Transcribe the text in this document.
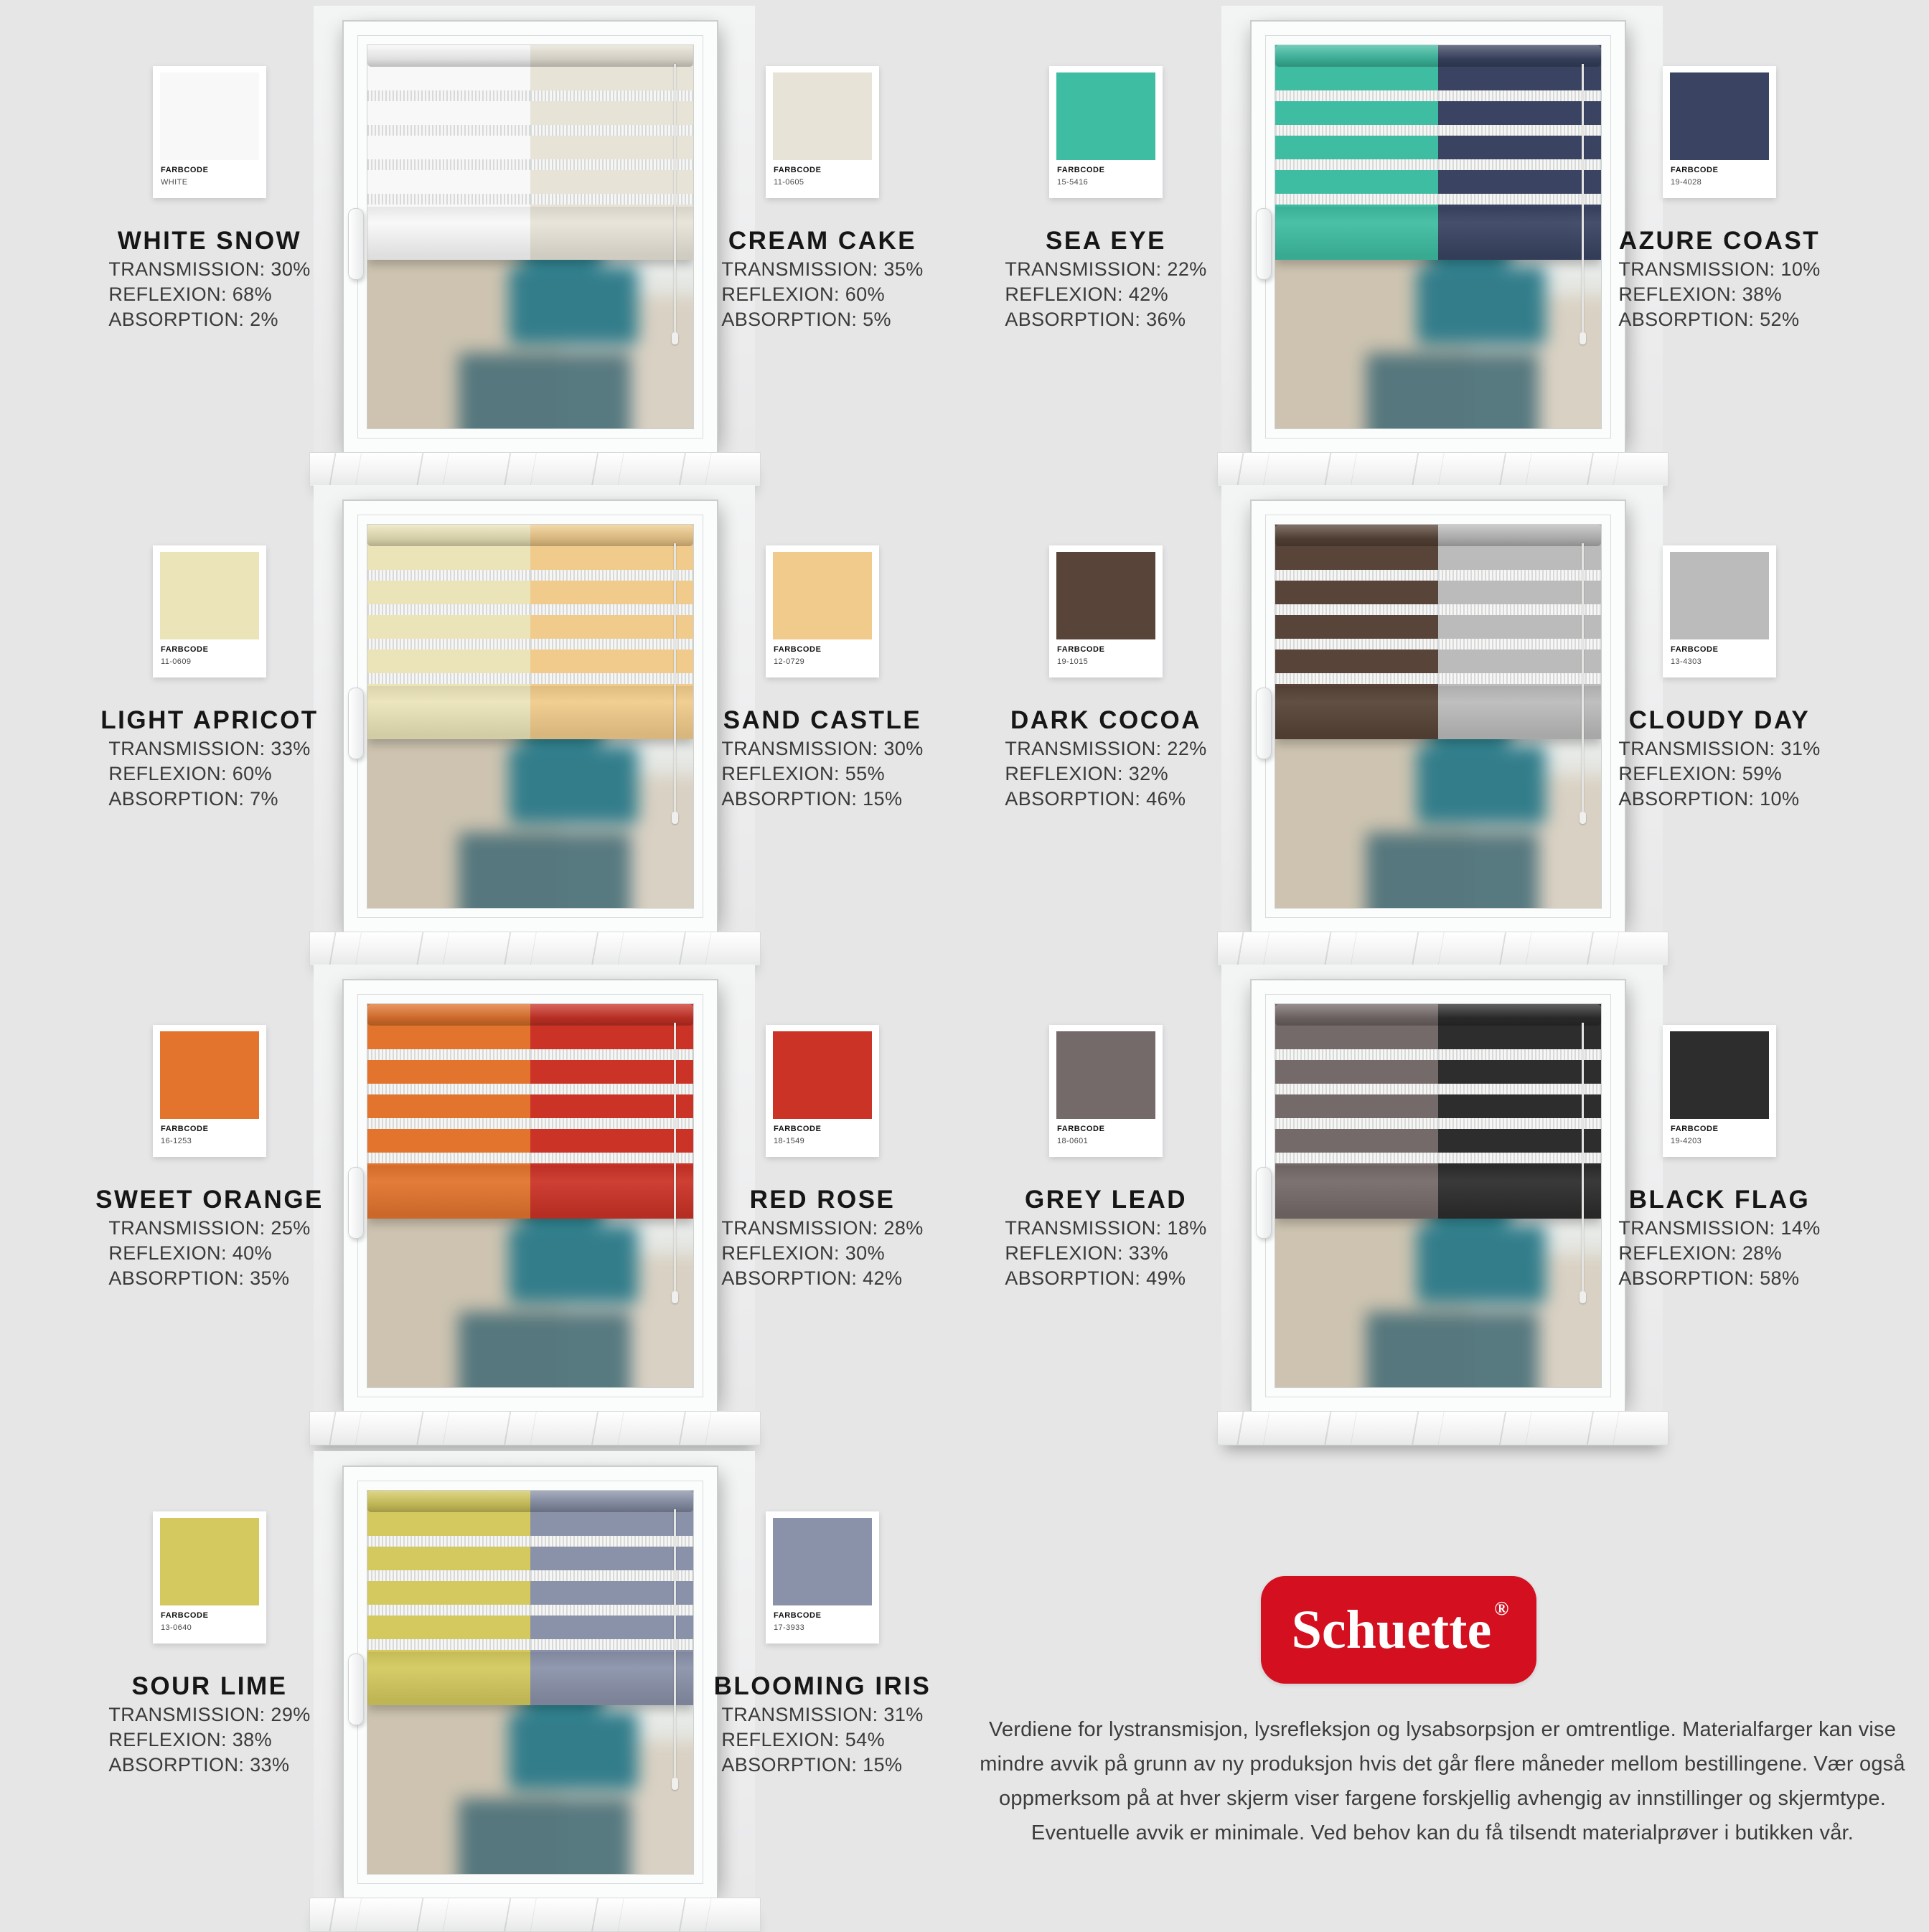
FARBCODE
WHITE
WHITE SNOW
TRANSMISSION: 30%
REFLEXION: 68%
ABSORPTION: 2%
FARBCODE
11-0605
CREAM CAKE
TRANSMISSION: 35%
REFLEXION: 60%
ABSORPTION: 5%
FARBCODE
15-5416
SEA EYE
TRANSMISSION: 22%
REFLEXION: 42%
ABSORPTION: 36%
FARBCODE
19-4028
AZURE COAST
TRANSMISSION: 10%
REFLEXION: 38%
ABSORPTION: 52%
FARBCODE
11-0609
LIGHT APRICOT
TRANSMISSION: 33%
REFLEXION: 60%
ABSORPTION: 7%
FARBCODE
12-0729
SAND CASTLE
TRANSMISSION: 30%
REFLEXION: 55%
ABSORPTION: 15%
FARBCODE
19-1015
DARK COCOA
TRANSMISSION: 22%
REFLEXION: 32%
ABSORPTION: 46%
FARBCODE
13-4303
CLOUDY DAY
TRANSMISSION: 31%
REFLEXION: 59%
ABSORPTION: 10%
FARBCODE
16-1253
SWEET ORANGE
TRANSMISSION: 25%
REFLEXION: 40%
ABSORPTION: 35%
FARBCODE
18-1549
RED ROSE
TRANSMISSION: 28%
REFLEXION: 30%
ABSORPTION: 42%
FARBCODE
18-0601
GREY LEAD
TRANSMISSION: 18%
REFLEXION: 33%
ABSORPTION: 49%
FARBCODE
19-4203
BLACK FLAG
TRANSMISSION: 14%
REFLEXION: 28%
ABSORPTION: 58%
FARBCODE
13-0640
SOUR LIME
TRANSMISSION: 29%
REFLEXION: 38%
ABSORPTION: 33%
FARBCODE
17-3933
BLOOMING IRIS
TRANSMISSION: 31%
REFLEXION: 54%
ABSORPTION: 15%
Schuette ®

Verdiene for lystransmisjon, lysrefleksjon og lysabsorpsjon er omtrentlige. Materialfarger kan vise mindre avvik på grunn av ny produksjon hvis det går flere måneder mellom bestillingene. Vær også oppmerksom på at hver skjerm viser fargene forskjellig avhengig av innstillinger og skjermtype. Eventuelle avvik er minimale. Ved behov kan du få tilsendt materialprøver i butikken vår.
